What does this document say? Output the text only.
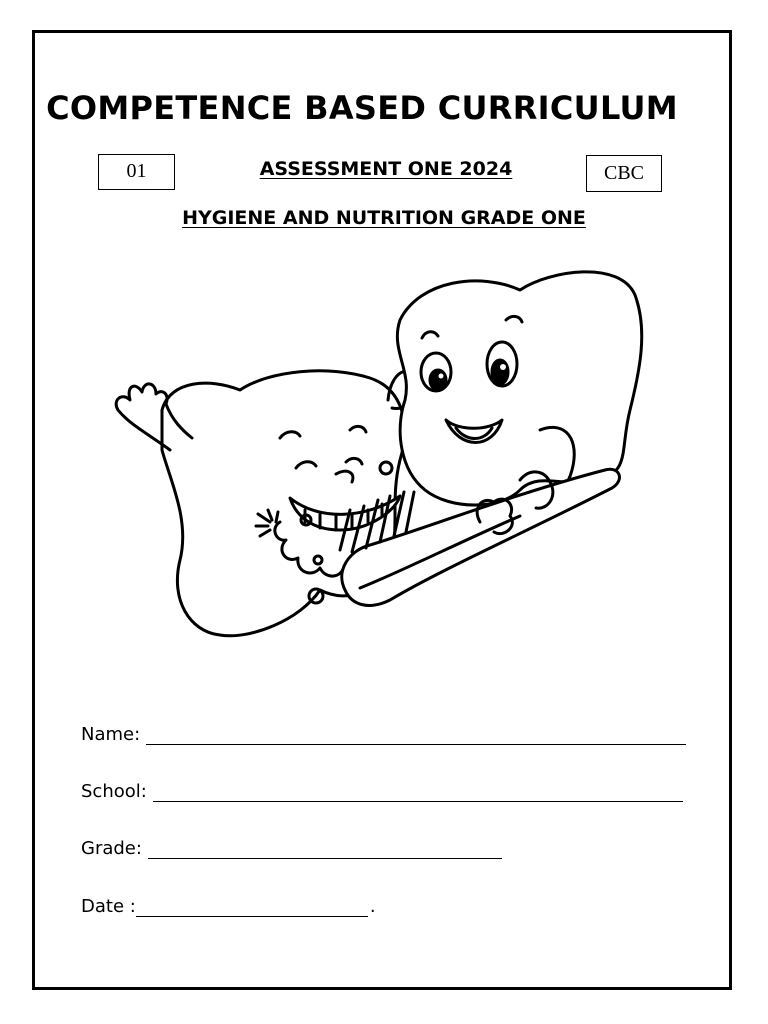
COMPETENCE BASED CURRICULUM
01	ASSESSMENT ONE 2024	CBC
HYGIENE AND NUTRITION GRADE ONE
Name:
School:
Grade:
Date :	.
